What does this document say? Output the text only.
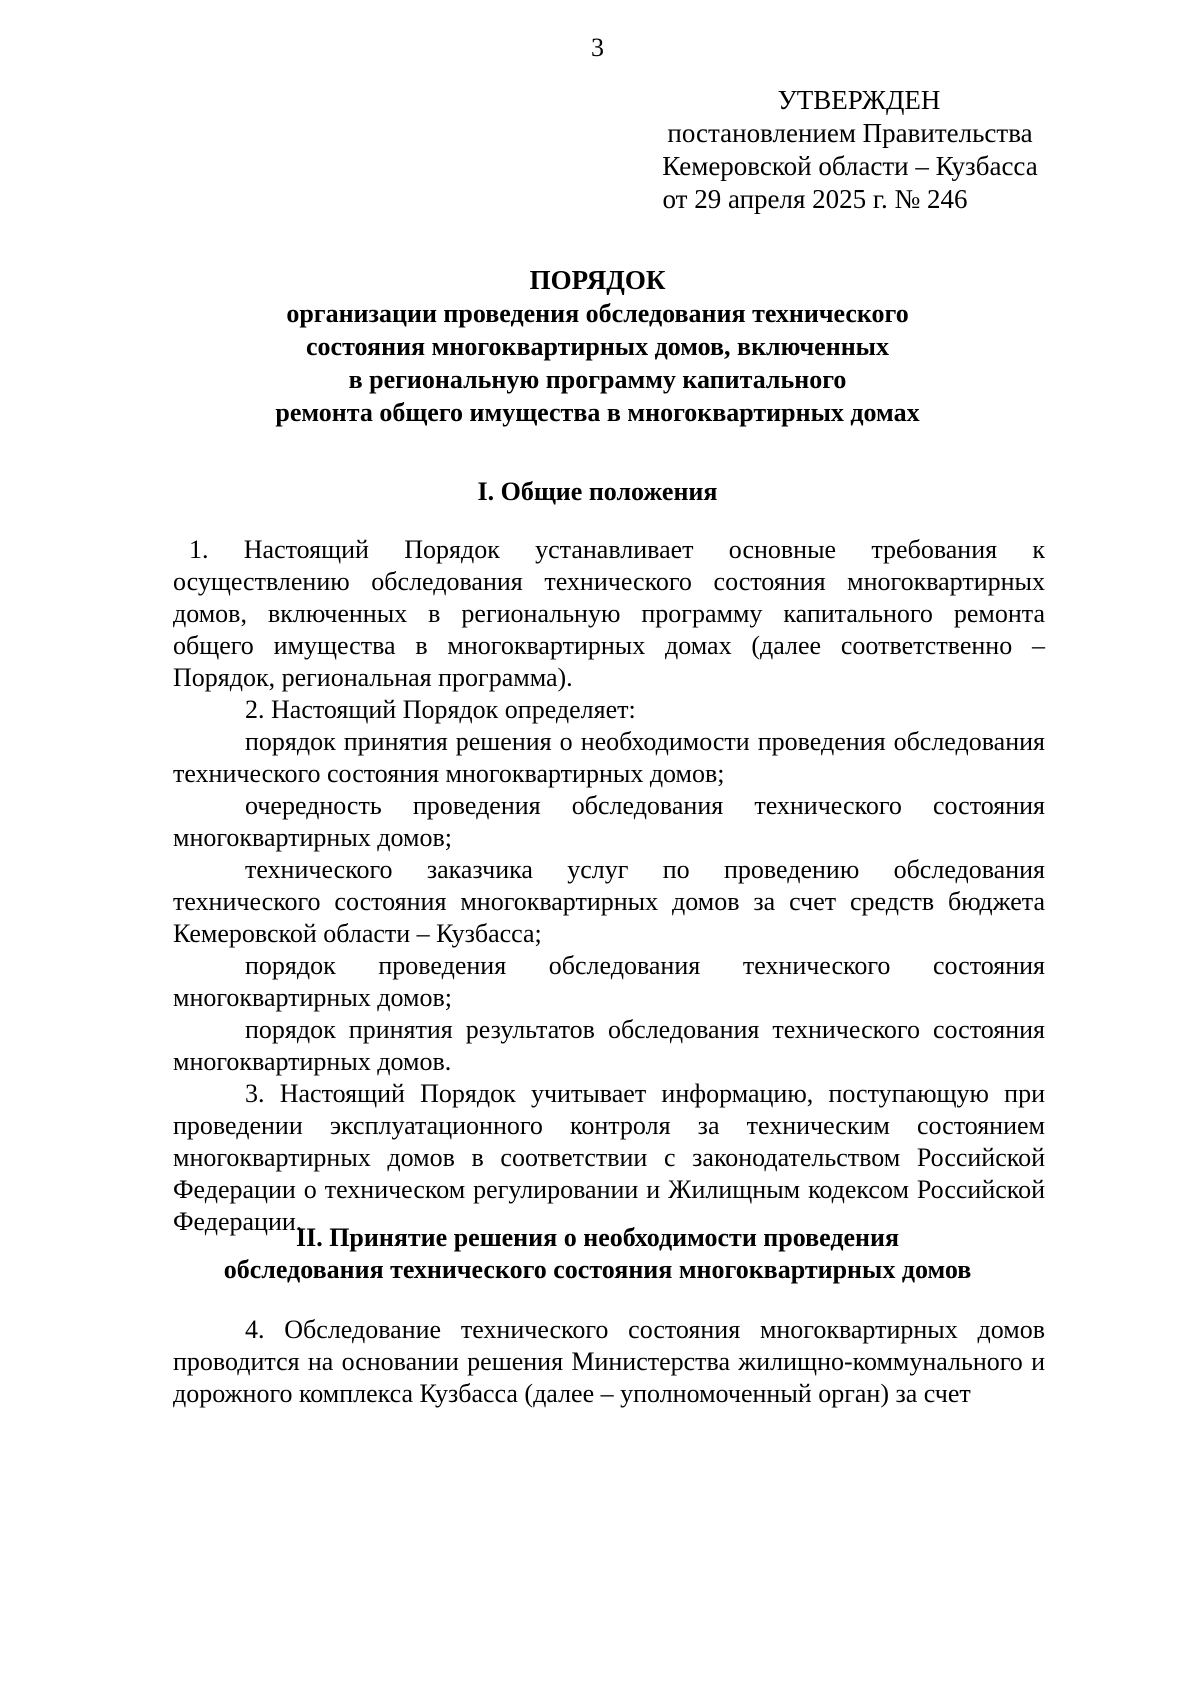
3
УТВЕРЖДЕН
постановлением Правительства
Кемеровской области – Кузбасса
от 29 апреля 2025 г. № 246
ПОРЯДОК
организации проведения обследования технического
состояния многоквартирных домов, включенных
в региональную программу капитального
ремонта общего имущества в многоквартирных домах
I. Общие положения

1. Настоящий Порядок устанавливает основные требования к осуществлению обследования технического состояния многоквартирных домов, включенных в региональную программу капитального ремонта общего имущества в многоквартирных домах (далее соответственно – Порядок, региональная программа).

2. Настоящий Порядок определяет:

порядок принятия решения о необходимости проведения обследования технического состояния многоквартирных домов;

очередность проведения обследования технического состояния многоквартирных домов;

технического заказчика услуг по проведению обследования технического состояния многоквартирных домов за счет средств бюджета Кемеровской области – Кузбасса;

порядок проведения обследования технического состояния многоквартирных домов;

порядок принятия результатов обследования технического состояния многоквартирных домов.

3. Настоящий Порядок учитывает информацию, поступающую при проведении эксплуатационного контроля за техническим состоянием многоквартирных домов в соответствии с законодательством Российской Федерации о техническом регулировании и Жилищным кодексом Российской Федерации.

II. Принятие решения о необходимости проведения
обследования технического состояния многоквартирных домов

4. Обследование технического состояния многоквартирных домов проводится на основании решения Министерства жилищно-коммунального и дорожного комплекса Кузбасса (далее – уполномоченный орган) за счет
